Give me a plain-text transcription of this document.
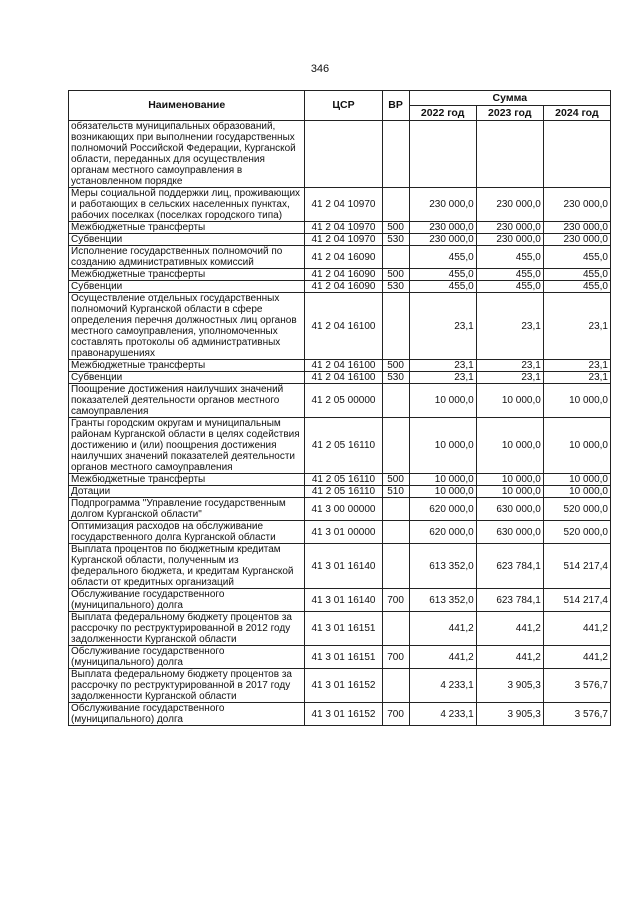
346
Наименование	ЦСР	ВР	Сумма		
			2022 год	2023 год	2024 год
обязательств муниципальных образований, возникающих при выполнении государственных полномочий Российской Федерации, Курганской области, переданных для осуществления органам местного самоуправления в установленном порядке					
Меры социальной поддержки лиц, проживающих и работающих в сельских населенных пунктах, рабочих поселках (поселках городского типа)	41 2 04 10970		230 000,0	230 000,0	230 000,0
Межбюджетные трансферты	41 2 04 10970	500	230 000,0	230 000,0	230 000,0
Субвенции	41 2 04 10970	530	230 000,0	230 000,0	230 000,0
Исполнение государственных полномочий по созданию административных комиссий	41 2 04 16090		455,0	455,0	455,0
Межбюджетные трансферты	41 2 04 16090	500	455,0	455,0	455,0
Субвенции	41 2 04 16090	530	455,0	455,0	455,0
Осуществление отдельных государственных полномочий Курганской области в сфере определения перечня должностных лиц органов местного самоуправления, уполномоченных составлять протоколы об административных правонарушениях	41 2 04 16100		23,1	23,1	23,1
Межбюджетные трансферты	41 2 04 16100	500	23,1	23,1	23,1
Субвенции	41 2 04 16100	530	23,1	23,1	23,1
Поощрение достижения наилучших значений показателей деятельности органов местного самоуправления	41 2 05 00000		10 000,0	10 000,0	10 000,0
Гранты городским округам и муниципальным районам Курганской области в целях содействия достижению и (или) поощрения достижения наилучших значений показателей деятельности органов местного самоуправления	41 2 05 16110		10 000,0	10 000,0	10 000,0
Межбюджетные трансферты	41 2 05 16110	500	10 000,0	10 000,0	10 000,0
Дотации	41 2 05 16110	510	10 000,0	10 000,0	10 000,0
Подпрограмма "Управление государственным долгом Курганской области"	41 3 00 00000		620 000,0	630 000,0	520 000,0
Оптимизация расходов на обслуживание государственного долга Курганской области	41 3 01 00000		620 000,0	630 000,0	520 000,0
Выплата процентов по бюджетным кредитам Курганской области, полученным из федерального бюджета, и кредитам Курганской области от кредитных организаций	41 3 01 16140		613 352,0	623 784,1	514 217,4
Обслуживание государственного (муниципального) долга	41 3 01 16140	700	613 352,0	623 784,1	514 217,4
Выплата федеральному бюджету процентов за рассрочку по реструктурированной в 2012 году задолженности Курганской области	41 3 01 16151		441,2	441,2	441,2
Обслуживание государственного (муниципального) долга	41 3 01 16151	700	441,2	441,2	441,2
Выплата федеральному бюджету процентов за рассрочку по реструктурированной в 2017 году задолженности Курганской области	41 3 01 16152		4 233,1	3 905,3	3 576,7
Обслуживание государственного (муниципального) долга	41 3 01 16152	700	4 233,1	3 905,3	3 576,7
